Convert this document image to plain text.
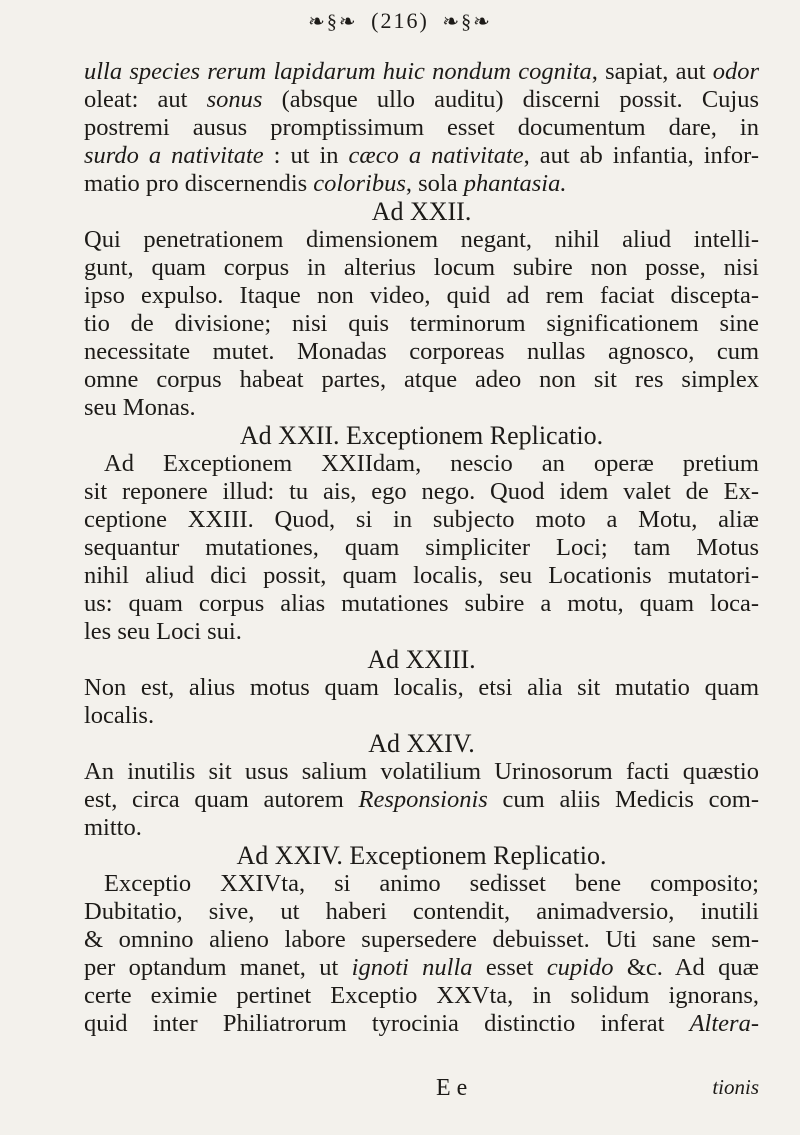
❧§❧ (216) ❧§❧
ulla species rerum lapidarum huic nondum cognita, sapiat, aut odor
oleat: aut sonus (absque ullo auditu) discerni possit. Cujus
postremi ausus promptissimum esset documentum dare, in
surdo a nativitate : ut in cæco a nativitate, aut ab infantia, infor-
matio pro discernendis coloribus, sola phantasia.
Ad XXII.
Qui penetrationem dimensionem negant, nihil aliud intelli-
gunt, quam corpus in alterius locum subire non posse, nisi
ipso expulso. Itaque non video, quid ad rem faciat discepta-
tio de divisione; nisi quis terminorum significationem sine
necessitate mutet. Monadas corporeas nullas agnosco, cum
omne corpus habeat partes, atque adeo non sit res simplex
seu Monas.
Ad XXII. Exceptionem Replicatio.
Ad Exceptionem XXIIdam, nescio an operæ pretium
sit reponere illud: tu ais, ego nego. Quod idem valet de Ex-
ceptione XXIII. Quod, si in subjecto moto a Motu, aliæ
sequantur mutationes, quam simpliciter Loci; tam Motus
nihil aliud dici possit, quam localis, seu Locationis mutatori-
us: quam corpus alias mutationes subire a motu, quam loca-
les seu Loci sui.
Ad XXIII.
Non est, alius motus quam localis, etsi alia sit mutatio quam
localis.
Ad XXIV.
An inutilis sit usus salium volatilium Urinosorum facti quæstio
est, circa quam autorem Responsionis cum aliis Medicis com-
mitto.
Ad XXIV. Exceptionem Replicatio.
Exceptio XXIVta, si animo sedisset bene composito;
Dubitatio, sive, ut haberi contendit, animadversio, inutili
& omnino alieno labore supersedere debuisset. Uti sane sem-
per optandum manet, ut ignoti nulla esset cupido &c. Ad quæ
certe eximie pertinet Exceptio XXVta, in solidum ignorans,
quid inter Philiatrorum tyrocinia distinctio inferat Altera-
E e	tionis
